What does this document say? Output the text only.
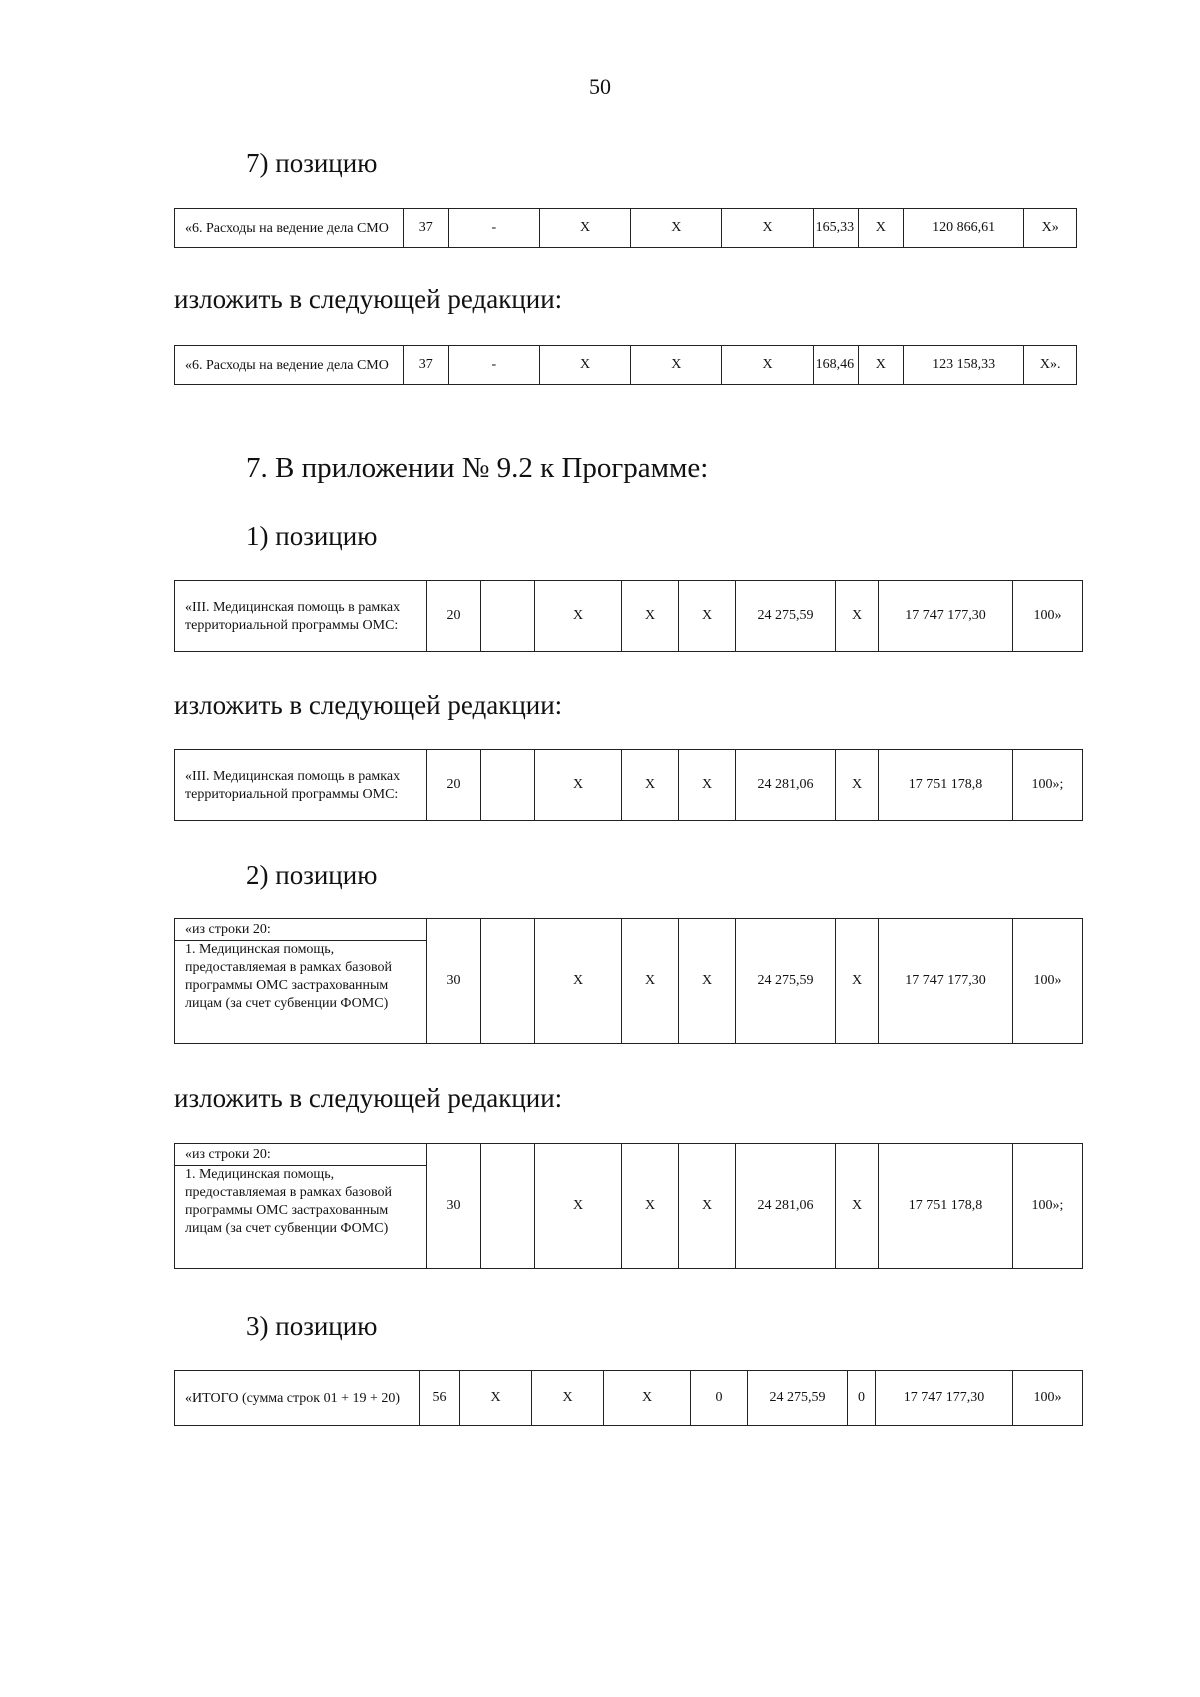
50
7) позицию
«6. Расходы на ведение дела СМО	37	-	Х	Х	Х	165,33	Х	120 866,61	Х»
изложить в следующей редакции:
«6. Расходы на ведение дела СМО	37	-	Х	Х	Х	168,46	Х	123 158,33	Х».
7. В приложении № 9.2 к Программе:
1) позицию
«III. Медицинская помощь в рамках территориальной программы ОМС:	20		Х	Х	Х	24 275,59	Х	17 747 177,30	100»
изложить в следующей редакции:
«III. Медицинская помощь в рамках территориальной программы ОМС:	20		Х	Х	Х	24 281,06	Х	17 751 178,8	100»;
2) позицию
«из строки 20:
1. Медицинская помощь, предоставляемая в рамках базовой программы ОМС застрахованным лицам (за счет субвенции ФОМС)
	30		Х	Х	Х	24 275,59	Х	17 747 177,30	100»
изложить в следующей редакции:
«из строки 20:
1. Медицинская помощь, предоставляемая в рамках базовой программы ОМС застрахованным лицам (за счет субвенции ФОМС)
	30		Х	Х	Х	24 281,06	Х	17 751 178,8	100»;
3) позицию
«ИТОГО (сумма строк 01 + 19 + 20)	56	Х	Х	Х	0	24 275,59	0	17 747 177,30	100»
